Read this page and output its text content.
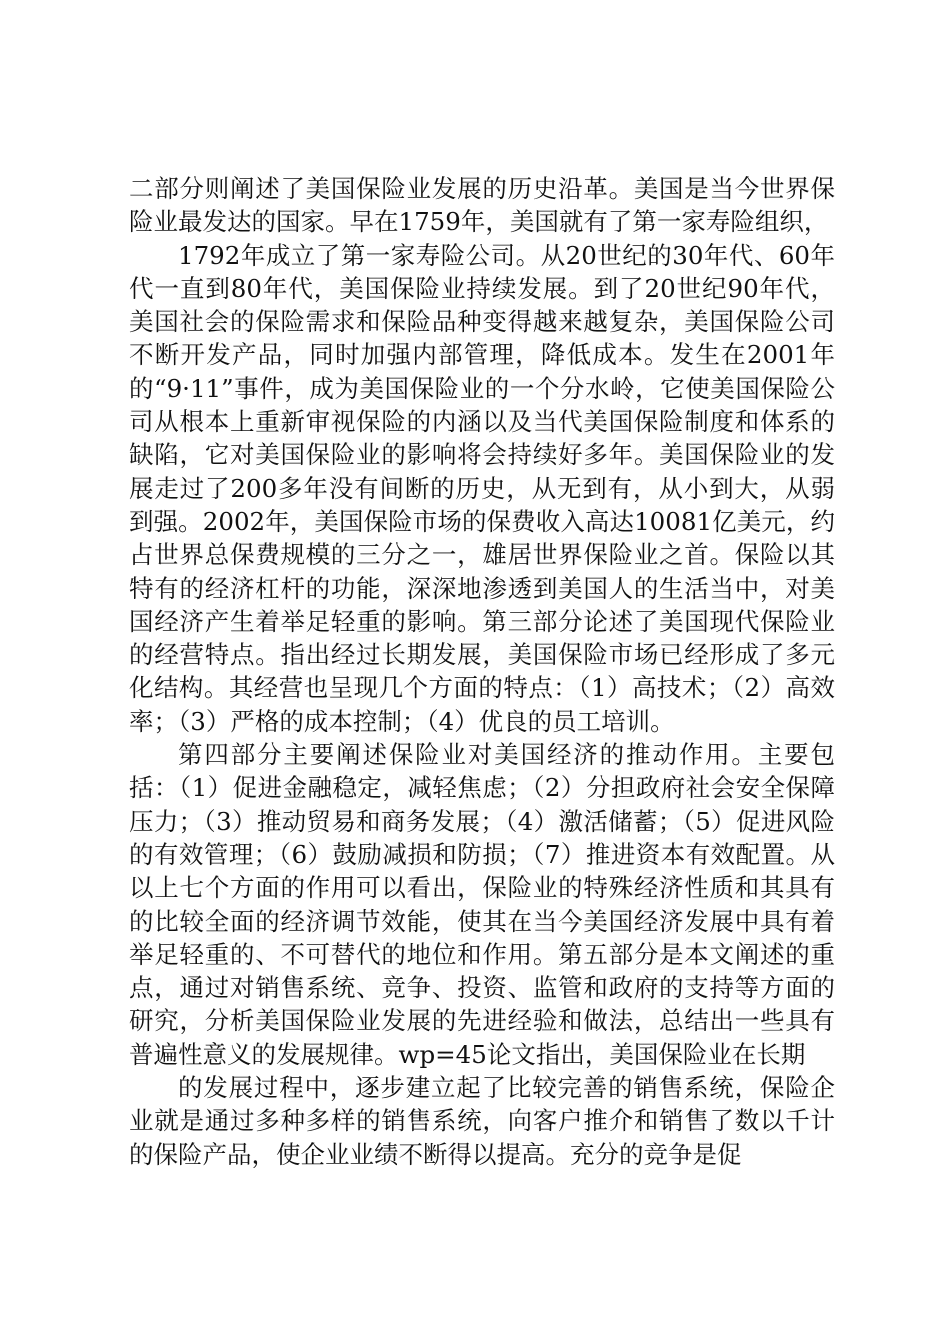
二部分则阐述了美国保险业发展的历史沿革。美国是当今世界保险业最发达的国家。早在1759年，美国就有了第一家寿险组织，

1792年成立了第一家寿险公司。从20世纪的30年代、60年代一直到80年代，美国保险业持续发展。到了20世纪90年代，美国社会的保险需求和保险品种变得越来越复杂，美国保险公司不断开发产品，同时加强内部管理，降低成本。发生在2001年的“9·11”事件，成为美国保险业的一个分水岭，它使美国保险公司从根本上重新审视保险的内涵以及当代美国保险制度和体系的缺陷，它对美国保险业的影响将会持续好多年。美国保险业的发展走过了200多年没有间断的历史，从无到有，从小到大，从弱到强。2002年，美国保险市场的保费收入高达10081亿美元，约占世界总保费规模的三分之一，雄居世界保险业之首。保险以其特有的经济杠杆的功能，深深地渗透到美国人的生活当中，对美国经济产生着举足轻重的影响。第三部分论述了美国现代保险业的经营特点。指出经过长期发展，美国保险市场已经形成了多元化结构。其经营也呈现几个方面的特点：（1）高技术；（2）高效率；（3）严格的成本控制；（4）优良的员工培训。

第四部分主要阐述保险业对美国经济的推动作用。主要包括：（1）促进金融稳定，减轻焦虑；（2）分担政府社会安全保障压力；（3）推动贸易和商务发展；（4）激活储蓄；（5）促进风险的有效管理；（6）鼓励减损和防损；（7）推进资本有效配置。从以上七个方面的作用可以看出，保险业的特殊经济性质和其具有的比较全面的经济调节效能，使其在当今美国经济发展中具有着举足轻重的、不可替代的地位和作用。第五部分是本文阐述的重点，通过对销售系统、竞争、投资、监管和政府的支持等方面的研究，分析美国保险业发展的先进经验和做法，总结出一些具有普遍性意义的发展规律。wp=45论文指出，美国保险业在长期

的发展过程中，逐步建立起了比较完善的销售系统，保险企业就是通过多种多样的销售系统，向客户推介和销售了数以千计的保险产品，使企业业绩不断得以提高。充分的竞争是促
